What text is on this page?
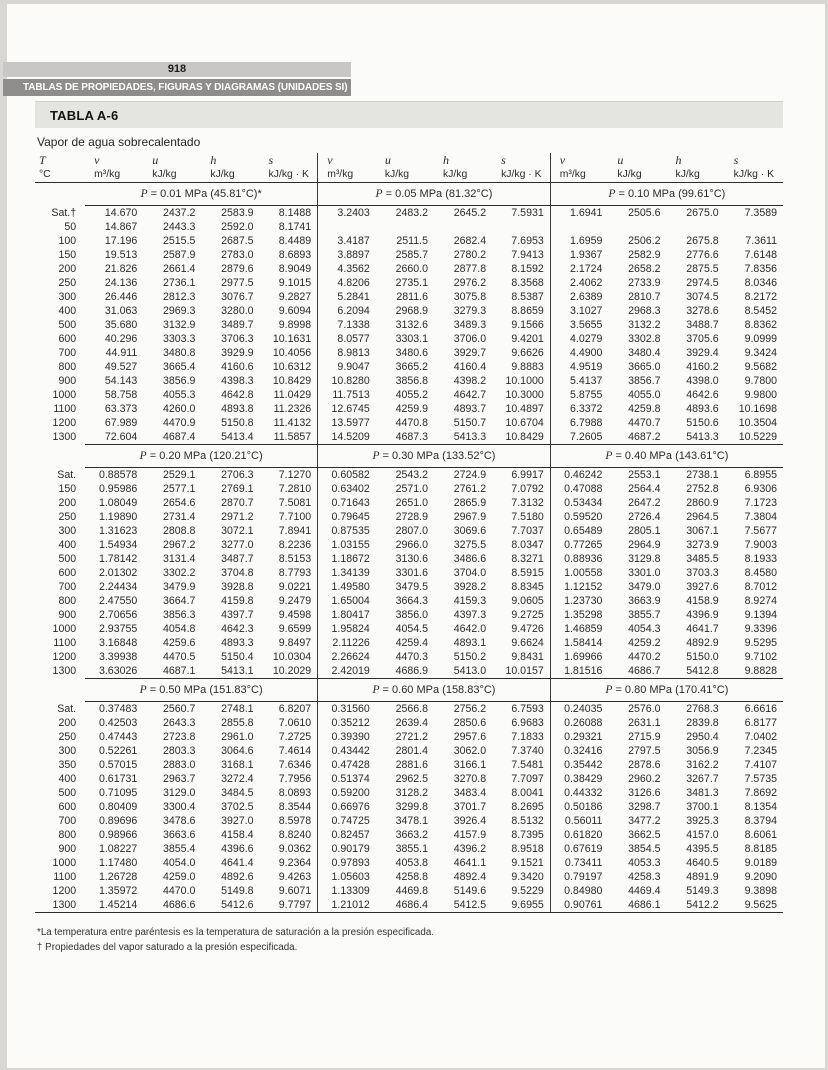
918
TABLAS DE PROPIEDADES, FIGURAS Y DIAGRAMAS (UNIDADES SI)
TABLA A-6
Vapor de agua sobrecalentado
T	v	u	h	s	v	u	h	s	v	u	h	s
°C	m³/kg	kJ/kg	kJ/kg	kJ/kg · K	m³/kg	kJ/kg	kJ/kg	kJ/kg · K	m³/kg	kJ/kg	kJ/kg	kJ/kg · K
	P = 0.01 MPa (45.81°C)*				P = 0.05 MPa (81.32°C)				P = 0.10 MPa (99.61°C)			
Sat.†	14.670	2437.2	2583.9	8.1488	3.2403	2483.2	2645.2	7.5931	1.6941	2505.6	2675.0	7.3589
50	14.867	2443.3	2592.0	8.1741								
100	17.196	2515.5	2687.5	8.4489	3.4187	2511.5	2682.4	7.6953	1.6959	2506.2	2675.8	7.3611
150	19.513	2587.9	2783.0	8.6893	3.8897	2585.7	2780.2	7.9413	1.9367	2582.9	2776.6	7.6148
200	21.826	2661.4	2879.6	8.9049	4.3562	2660.0	2877.8	8.1592	2.1724	2658.2	2875.5	7.8356
250	24.136	2736.1	2977.5	9.1015	4.8206	2735.1	2976.2	8.3568	2.4062	2733.9	2974.5	8.0346
300	26.446	2812.3	3076.7	9.2827	5.2841	2811.6	3075.8	8.5387	2.6389	2810.7	3074.5	8.2172
400	31.063	2969.3	3280.0	9.6094	6.2094	2968.9	3279.3	8.8659	3.1027	2968.3	3278.6	8.5452
500	35.680	3132.9	3489.7	9.8998	7.1338	3132.6	3489.3	9.1566	3.5655	3132.2	3488.7	8.8362
600	40.296	3303.3	3706.3	10.1631	8.0577	3303.1	3706.0	9.4201	4.0279	3302.8	3705.6	9.0999
700	44.911	3480.8	3929.9	10.4056	8.9813	3480.6	3929.7	9.6626	4.4900	3480.4	3929.4	9.3424
800	49.527	3665.4	4160.6	10.6312	9.9047	3665.2	4160.4	9.8883	4.9519	3665.0	4160.2	9.5682
900	54.143	3856.9	4398.3	10.8429	10.8280	3856.8	4398.2	10.1000	5.4137	3856.7	4398.0	9.7800
1000	58.758	4055.3	4642.8	11.0429	11.7513	4055.2	4642.7	10.3000	5.8755	4055.0	4642.6	9.9800
1100	63.373	4260.0	4893.8	11.2326	12.6745	4259.9	4893.7	10.4897	6.3372	4259.8	4893.6	10.1698
1200	67.989	4470.9	5150.8	11.4132	13.5977	4470.8	5150.7	10.6704	6.7988	4470.7	5150.6	10.3504
1300	72.604	4687.4	5413.4	11.5857	14.5209	4687.3	5413.3	10.8429	7.2605	4687.2	5413.3	10.5229
	P = 0.20 MPa (120.21°C)				P = 0.30 MPa (133.52°C)				P = 0.40 MPa (143.61°C)			
Sat.	0.88578	2529.1	2706.3	7.1270	0.60582	2543.2	2724.9	6.9917	0.46242	2553.1	2738.1	6.8955
150	0.95986	2577.1	2769.1	7.2810	0.63402	2571.0	2761.2	7.0792	0.47088	2564.4	2752.8	6.9306
200	1.08049	2654.6	2870.7	7.5081	0.71643	2651.0	2865.9	7.3132	0.53434	2647.2	2860.9	7.1723
250	1.19890	2731.4	2971.2	7.7100	0.79645	2728.9	2967.9	7.5180	0.59520	2726.4	2964.5	7.3804
300	1.31623	2808.8	3072.1	7.8941	0.87535	2807.0	3069.6	7.7037	0.65489	2805.1	3067.1	7.5677
400	1.54934	2967.2	3277.0	8.2236	1.03155	2966.0	3275.5	8.0347	0.77265	2964.9	3273.9	7.9003
500	1.78142	3131.4	3487.7	8.5153	1.18672	3130.6	3486.6	8.3271	0.88936	3129.8	3485.5	8.1933
600	2.01302	3302.2	3704.8	8.7793	1.34139	3301.6	3704.0	8.5915	1.00558	3301.0	3703.3	8.4580
700	2.24434	3479.9	3928.8	9.0221	1.49580	3479.5	3928.2	8.8345	1.12152	3479.0	3927.6	8.7012
800	2.47550	3664.7	4159.8	9.2479	1.65004	3664.3	4159.3	9.0605	1.23730	3663.9	4158.9	8.9274
900	2.70656	3856.3	4397.7	9.4598	1.80417	3856.0	4397.3	9.2725	1.35298	3855.7	4396.9	9.1394
1000	2.93755	4054.8	4642.3	9.6599	1.95824	4054.5	4642.0	9.4726	1.46859	4054.3	4641.7	9.3396
1100	3.16848	4259.6	4893.3	9.8497	2.11226	4259.4	4893.1	9.6624	1.58414	4259.2	4892.9	9.5295
1200	3.39938	4470.5	5150.4	10.0304	2.26624	4470.3	5150.2	9.8431	1.69966	4470.2	5150.0	9.7102
1300	3.63026	4687.1	5413.1	10.2029	2.42019	4686.9	5413.0	10.0157	1.81516	4686.7	5412.8	9.8828
	P = 0.50 MPa (151.83°C)				P = 0.60 MPa (158.83°C)				P = 0.80 MPa (170.41°C)			
Sat.	0.37483	2560.7	2748.1	6.8207	0.31560	2566.8	2756.2	6.7593	0.24035	2576.0	2768.3	6.6616
200	0.42503	2643.3	2855.8	7.0610	0.35212	2639.4	2850.6	6.9683	0.26088	2631.1	2839.8	6.8177
250	0.47443	2723.8	2961.0	7.2725	0.39390	2721.2	2957.6	7.1833	0.29321	2715.9	2950.4	7.0402
300	0.52261	2803.3	3064.6	7.4614	0.43442	2801.4	3062.0	7.3740	0.32416	2797.5	3056.9	7.2345
350	0.57015	2883.0	3168.1	7.6346	0.47428	2881.6	3166.1	7.5481	0.35442	2878.6	3162.2	7.4107
400	0.61731	2963.7	3272.4	7.7956	0.51374	2962.5	3270.8	7.7097	0.38429	2960.2	3267.7	7.5735
500	0.71095	3129.0	3484.5	8.0893	0.59200	3128.2	3483.4	8.0041	0.44332	3126.6	3481.3	7.8692
600	0.80409	3300.4	3702.5	8.3544	0.66976	3299.8	3701.7	8.2695	0.50186	3298.7	3700.1	8.1354
700	0.89696	3478.6	3927.0	8.5978	0.74725	3478.1	3926.4	8.5132	0.56011	3477.2	3925.3	8.3794
800	0.98966	3663.6	4158.4	8.8240	0.82457	3663.2	4157.9	8.7395	0.61820	3662.5	4157.0	8.6061
900	1.08227	3855.4	4396.6	9.0362	0.90179	3855.1	4396.2	8.9518	0.67619	3854.5	4395.5	8.8185
1000	1.17480	4054.0	4641.4	9.2364	0.97893	4053.8	4641.1	9.1521	0.73411	4053.3	4640.5	9.0189
1100	1.26728	4259.0	4892.6	9.4263	1.05603	4258.8	4892.4	9.3420	0.79197	4258.3	4891.9	9.2090
1200	1.35972	4470.0	5149.8	9.6071	1.13309	4469.8	5149.6	9.5229	0.84980	4469.4	5149.3	9.3898
1300	1.45214	4686.6	5412.6	9.7797	1.21012	4686.4	5412.5	9.6955	0.90761	4686.1	5412.2	9.5625
*La temperatura entre paréntesis es la temperatura de saturación a la presión especificada.
† Propiedades del vapor saturado a la presión especificada.
